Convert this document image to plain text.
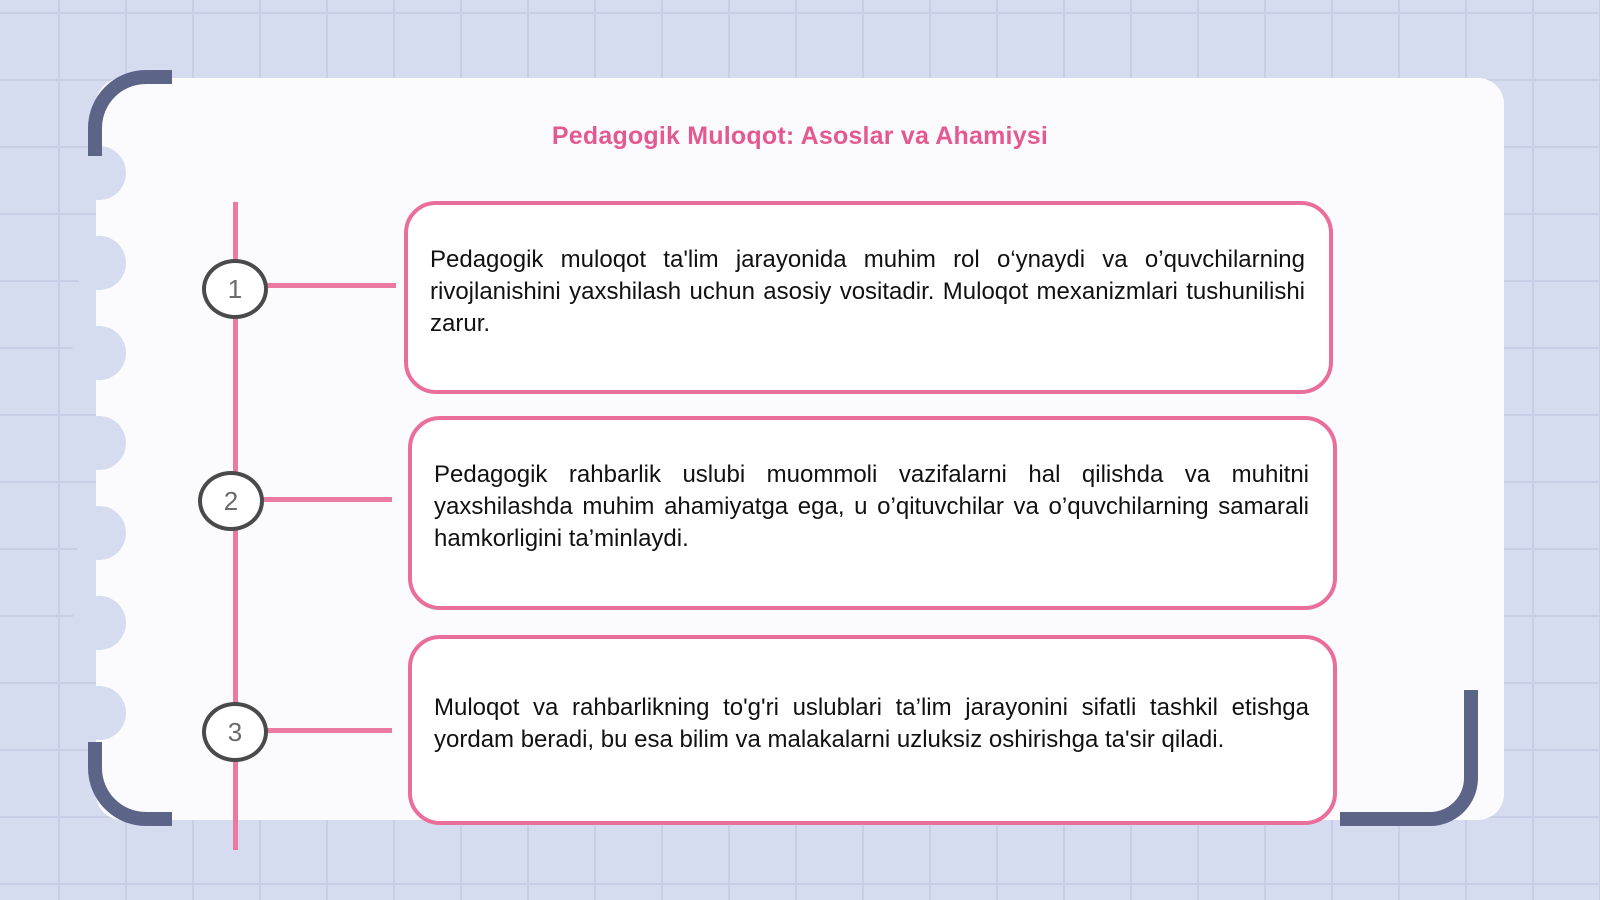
Pedagogik Muloqot: Asoslar va Ahamiysi
1
2
3

Pedagogik muloqot ta'lim jarayonida muhim rol o‘ynaydi va o’quvchilarning rivojlanishini yaxshilash uchun asosiy vositadir. Muloqot mexanizmlari tushunilishi zarur.

Pedagogik rahbarlik uslubi muommoli vazifalarni hal qilishda va muhitni yaxshilashda muhim ahamiyatga ega, u o’qituvchilar va o’quvchilarning samarali hamkorligini ta’minlaydi.

Muloqot va rahbarlikning to'g'ri uslublari ta’lim jarayonini sifatli tashkil etishga yordam beradi, bu esa bilim va malakalarni uzluksiz oshirishga ta'sir qiladi.
